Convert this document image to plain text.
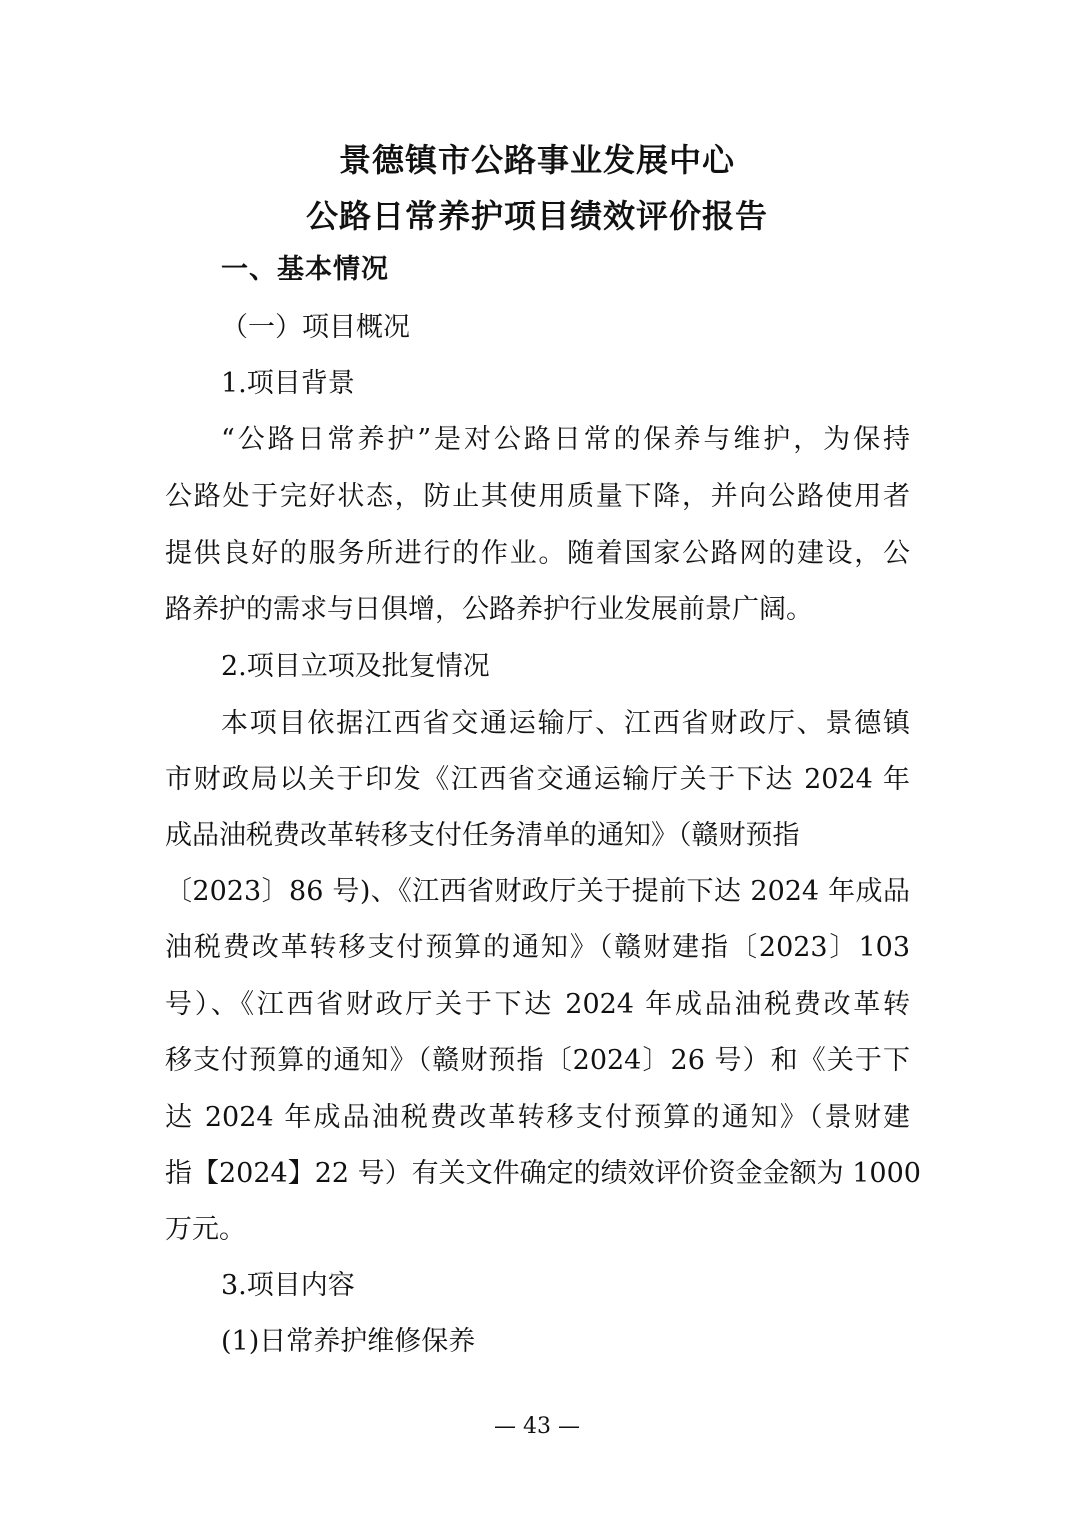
景德镇市公路事业发展中心
公路日常养护项目绩效评价报告
一、基本情况

（一）项目概况

1.项目背景

“公路日常养护”是对公路日常的保养与维护，为保持

公路处于完好状态，防止其使用质量下降，并向公路使用者

提供良好的服务所进行的作业。随着国家公路网的建设，公

路养护的需求与日俱增，公路养护行业发展前景广阔。

2.项目立项及批复情况

本项目依据江西省交通运输厅、江西省财政厅、景德镇

市财政局以关于印发《江西省交通运输厅关于下达 2024 年

成品油税费改革转移支付任务清单的通知》（赣财预指

〔2023〕86 号)、《江西省财政厅关于提前下达 2024 年成品

油税费改革转移支付预算的通知》（赣财建指〔2023〕103

号）、《江西省财政厅关于下达 2024 年成品油税费改革转

移支付预算的通知》（赣财预指〔2024〕26 号）和《关于下

达 2024 年成品油税费改革转移支付预算的通知》（景财建

指【2024】22 号）有关文件确定的绩效评价资金金额为 1000

万元。

3.项目内容

(1)日常养护维修保养

— 43 —
